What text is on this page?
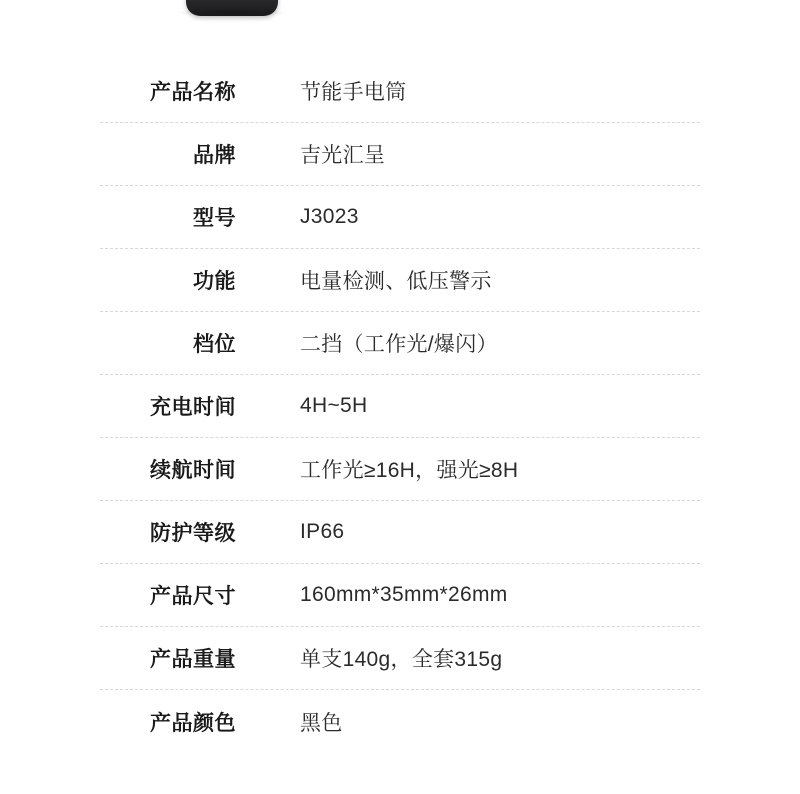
产品名称	节能手电筒
品牌	吉光汇呈
型号	J3023
功能	电量检测、低压警示
档位	二挡（工作光/爆闪）
充电时间	4H~5H
续航时间	工作光≥16H，强光≥8H
防护等级	IP66
产品尺寸	160mm*35mm*26mm
产品重量	单支140g，全套315g
产品颜色	黑色
